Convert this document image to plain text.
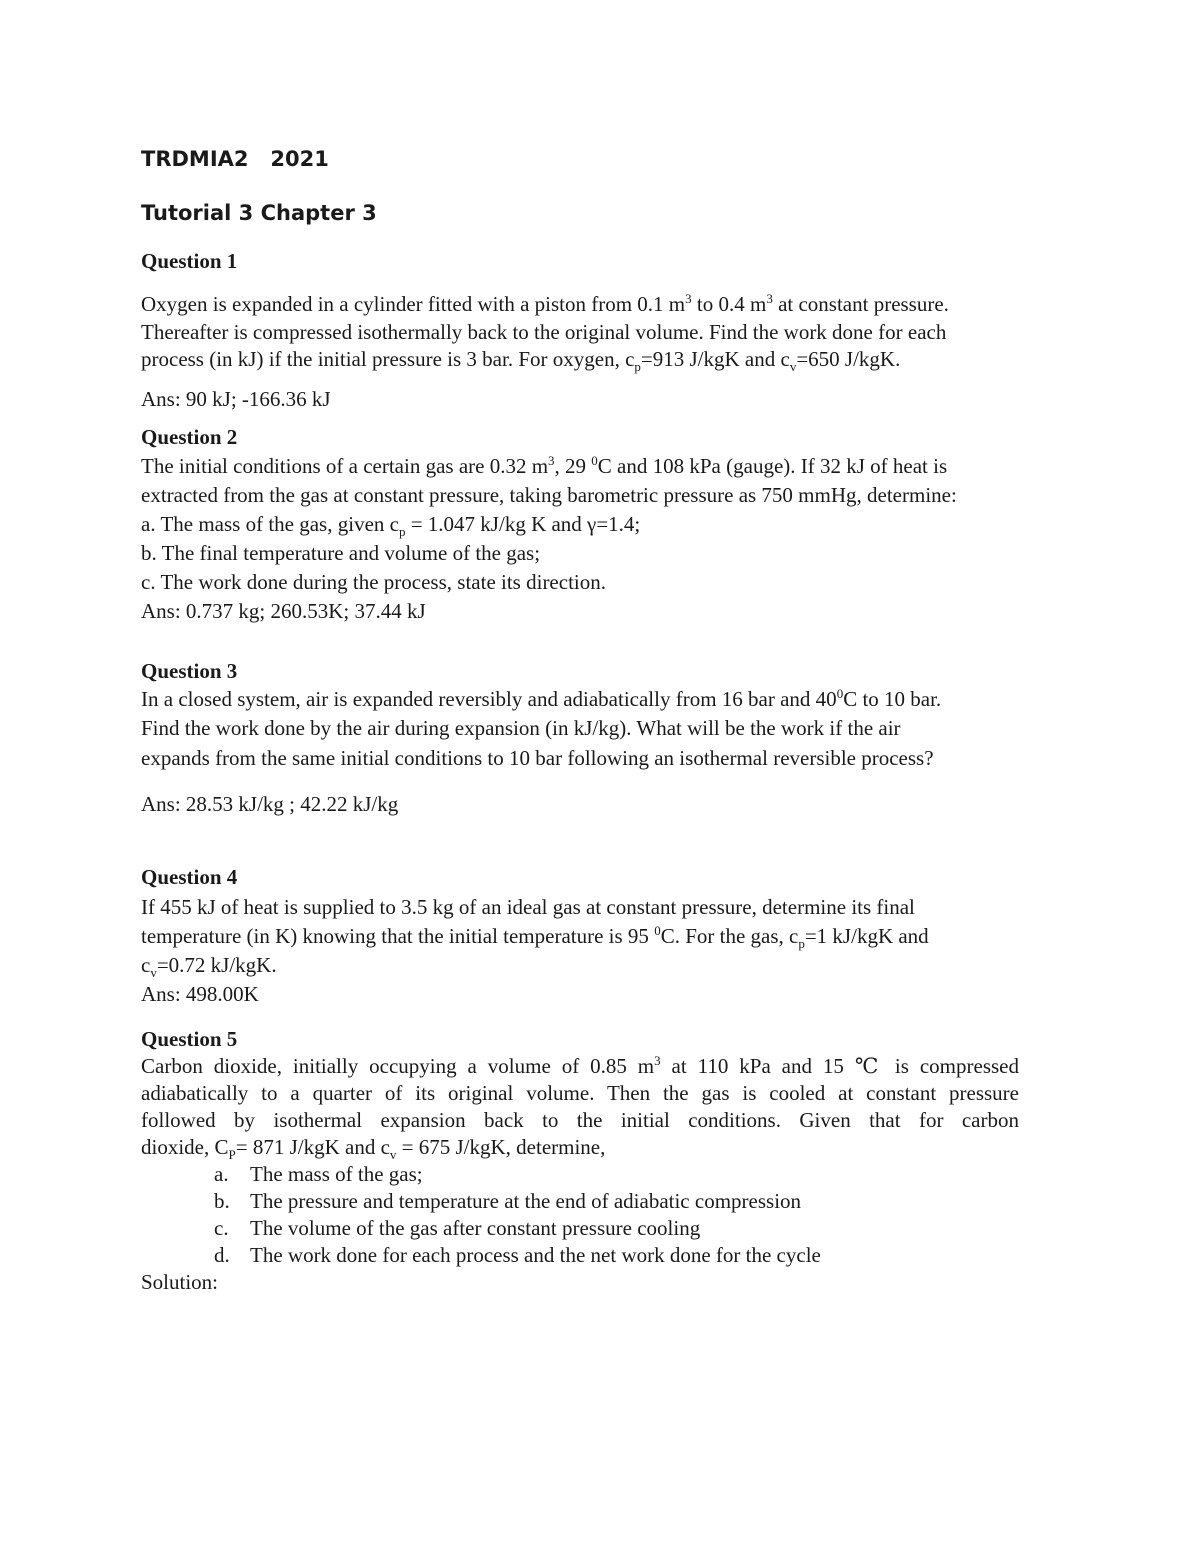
TRDMIA2   2021
Tutorial 3 Chapter 3
Question 1
Oxygen is expanded in a cylinder fitted with a piston from 0.1 $m^3$ to 0.4 $m^3$ at constant pressure.
Thereafter is compressed isothermally back to the original volume. Find the work done for each
process (in kJ) if the initial pressure is 3 bar. For oxygen, $c_p=913$ J/kgK and $c_v=650$ J/kgK.
Ans: 90 kJ; -166.36 kJ
Question 2
The initial conditions of a certain gas are 0.32 $m^3$, 29 $^0$C and 108 kPa (gauge). If 32 kJ of heat is
extracted from the gas at constant pressure, taking barometric pressure as 750 mmHg, determine:
a. The mass of the gas, given $c_p = 1.047$ kJ/kg K and γ=1.4;
b. The final temperature and volume of the gas;
c. The work done during the process, state its direction.
Ans: 0.737 kg; 260.53K; 37.44 kJ
Question 3
In a closed system, air is expanded reversibly and adiabatically from 16 bar and $40^0C$ to 10 bar.
Find the work done by the air during expansion (in kJ/kg). What will be the work if the air
expands from the same initial conditions to 10 bar following an isothermal reversible process?
Ans: 28.53 kJ/kg ; 42.22 kJ/kg
Question 4
If 455 kJ of heat is supplied to 3.5 kg of an ideal gas at constant pressure, determine its final
temperature (in K) knowing that the initial temperature is 95 $^0$C. For the gas, $c_p=1$ kJ/kgK and
$c_v=0.72$ kJ/kgK.
Ans: 498.00K
Question 5
Carbon dioxide, initially occupying a volume of 0.85 $m^3$ at 110 kPa and 15 ℃ is compressed
adiabatically to a quarter of its original volume. Then the gas is cooled at constant pressure
followed by isothermal expansion back to the initial conditions. Given that for carbon
dioxide, $C_P= 871$ J/kgK and $c_v = 675$ J/kgK, determine,
a.	The mass of the gas;
b. The pressure and temperature at the end of adiabatic compression
c.	The volume of the gas after constant pressure cooling
d. The work done for each process and the net work done for the cycle
Solution:
